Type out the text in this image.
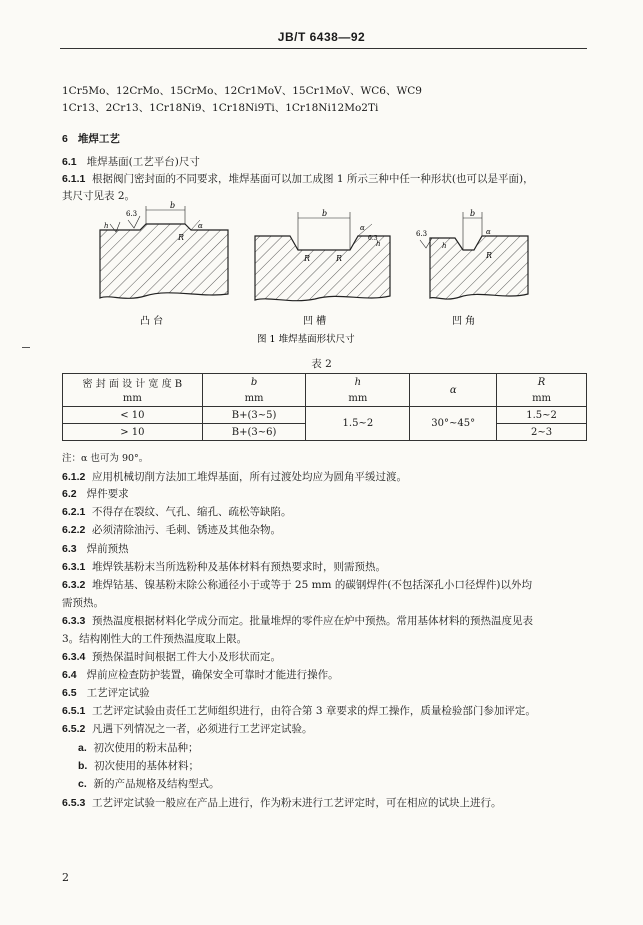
JB/T 6438—92
1Cr5Mo、12CrMo、15CrMo、12Cr1MoV、15Cr1MoV、WC6、WC9
1Cr13、2Cr13、1Cr18Ni9、1Cr18Ni9Ti、1Cr18Ni12Mo2Ti
6 堆焊工艺
6.1 堆焊基面(工艺平台)尺寸
6.1.1 根据阀门密封面的不同要求，堆焊基面可以加工成图 1 所示三种中任一种形状(也可以是平面)，
其尺寸见表 2。
b
6.3
R
α
h
b
R	R
α
h
6.3
b
6.3
R
α
h
凸 台	凹 槽	凹 角
图 1 堆焊基面形状尺寸
表 2
密 封 面 设 计 宽 度 B	b	h	α	R
mm	mm	mm		mm
< 10	B+(3~5)	1.5~2	30°~45°	1.5~2
> 10	B+(3~6)			2~3
注：α 也可为 90°。
6.1.2 应用机械切削方法加工堆焊基面，所有过渡处均应为圆角平缓过渡。
6.2 焊件要求
6.2.1 不得存在裂纹、气孔、缩孔、疏松等缺陷。
6.2.2 必须清除油污、毛刺、锈迹及其他杂物。
6.3 焊前预热
6.3.1 堆焊铁基粉末当所选粉种及基体材料有预热要求时，则需预热。
6.3.2 堆焊钴基、镍基粉末除公称通径小于或等于 25 mm 的碳钢焊件(不包括深孔小口径焊件)以外均
需预热。
6.3.3 预热温度根据材料化学成分而定。批量堆焊的零件应在炉中预热。常用基体材料的预热温度见表
3。结构刚性大的工件预热温度取上限。
6.3.4 预热保温时间根据工件大小及形状而定。
6.4 焊前应检查防护装置，确保安全可靠时才能进行操作。
6.5 工艺评定试验
6.5.1 工艺评定试验由责任工艺师组织进行，由符合第 3 章要求的焊工操作，质量检验部门参加评定。
6.5.2 凡遇下列情况之一者，必须进行工艺评定试验。
a. 初次使用的粉末品种；
b. 初次使用的基体材料；
c. 新的产品规格及结构型式。
6.5.3 工艺评定试验一般应在产品上进行，作为粉末进行工艺评定时，可在相应的试块上进行。
2
